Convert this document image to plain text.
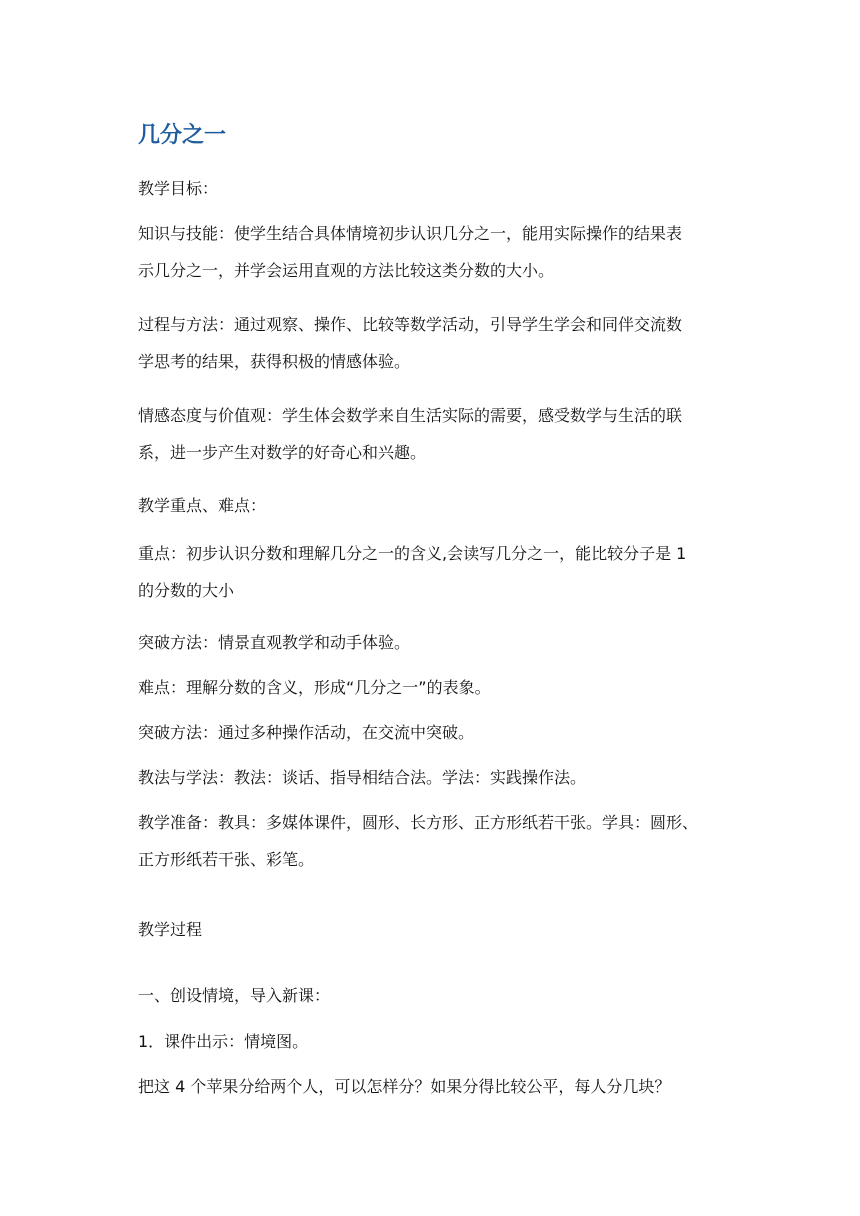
几分之一

教学目标：

知识与技能：使学生结合具体情境初步认识几分之一，能用实际操作的结果表
示几分之一，并学会运用直观的方法比较这类分数的大小。

过程与方法：通过观察、操作、比较等数学活动，引导学生学会和同伴交流数
学思考的结果，获得积极的情感体验。

情感态度与价值观：学生体会数学来自生活实际的需要，感受数学与生活的联
系，进一步产生对数学的好奇心和兴趣。

教学重点、难点：

重点：初步认识分数和理解几分之一的含义,会读写几分之一，能比较分子是 1
的分数的大小

突破方法：情景直观教学和动手体验。

难点：理解分数的含义，形成“几分之一”的表象。

突破方法：通过多种操作活动，在交流中突破。

教法与学法：教法：谈话、指导相结合法。学法：实践操作法。

教学准备：教具：多媒体课件，圆形、长方形、正方形纸若干张。学具：圆形、
正方形纸若干张、彩笔。

教学过程

一、创设情境，导入新课：

1．课件出示：情境图。

把这 4 个苹果分给两个人，可以怎样分？如果分得比较公平，每人分几块？
